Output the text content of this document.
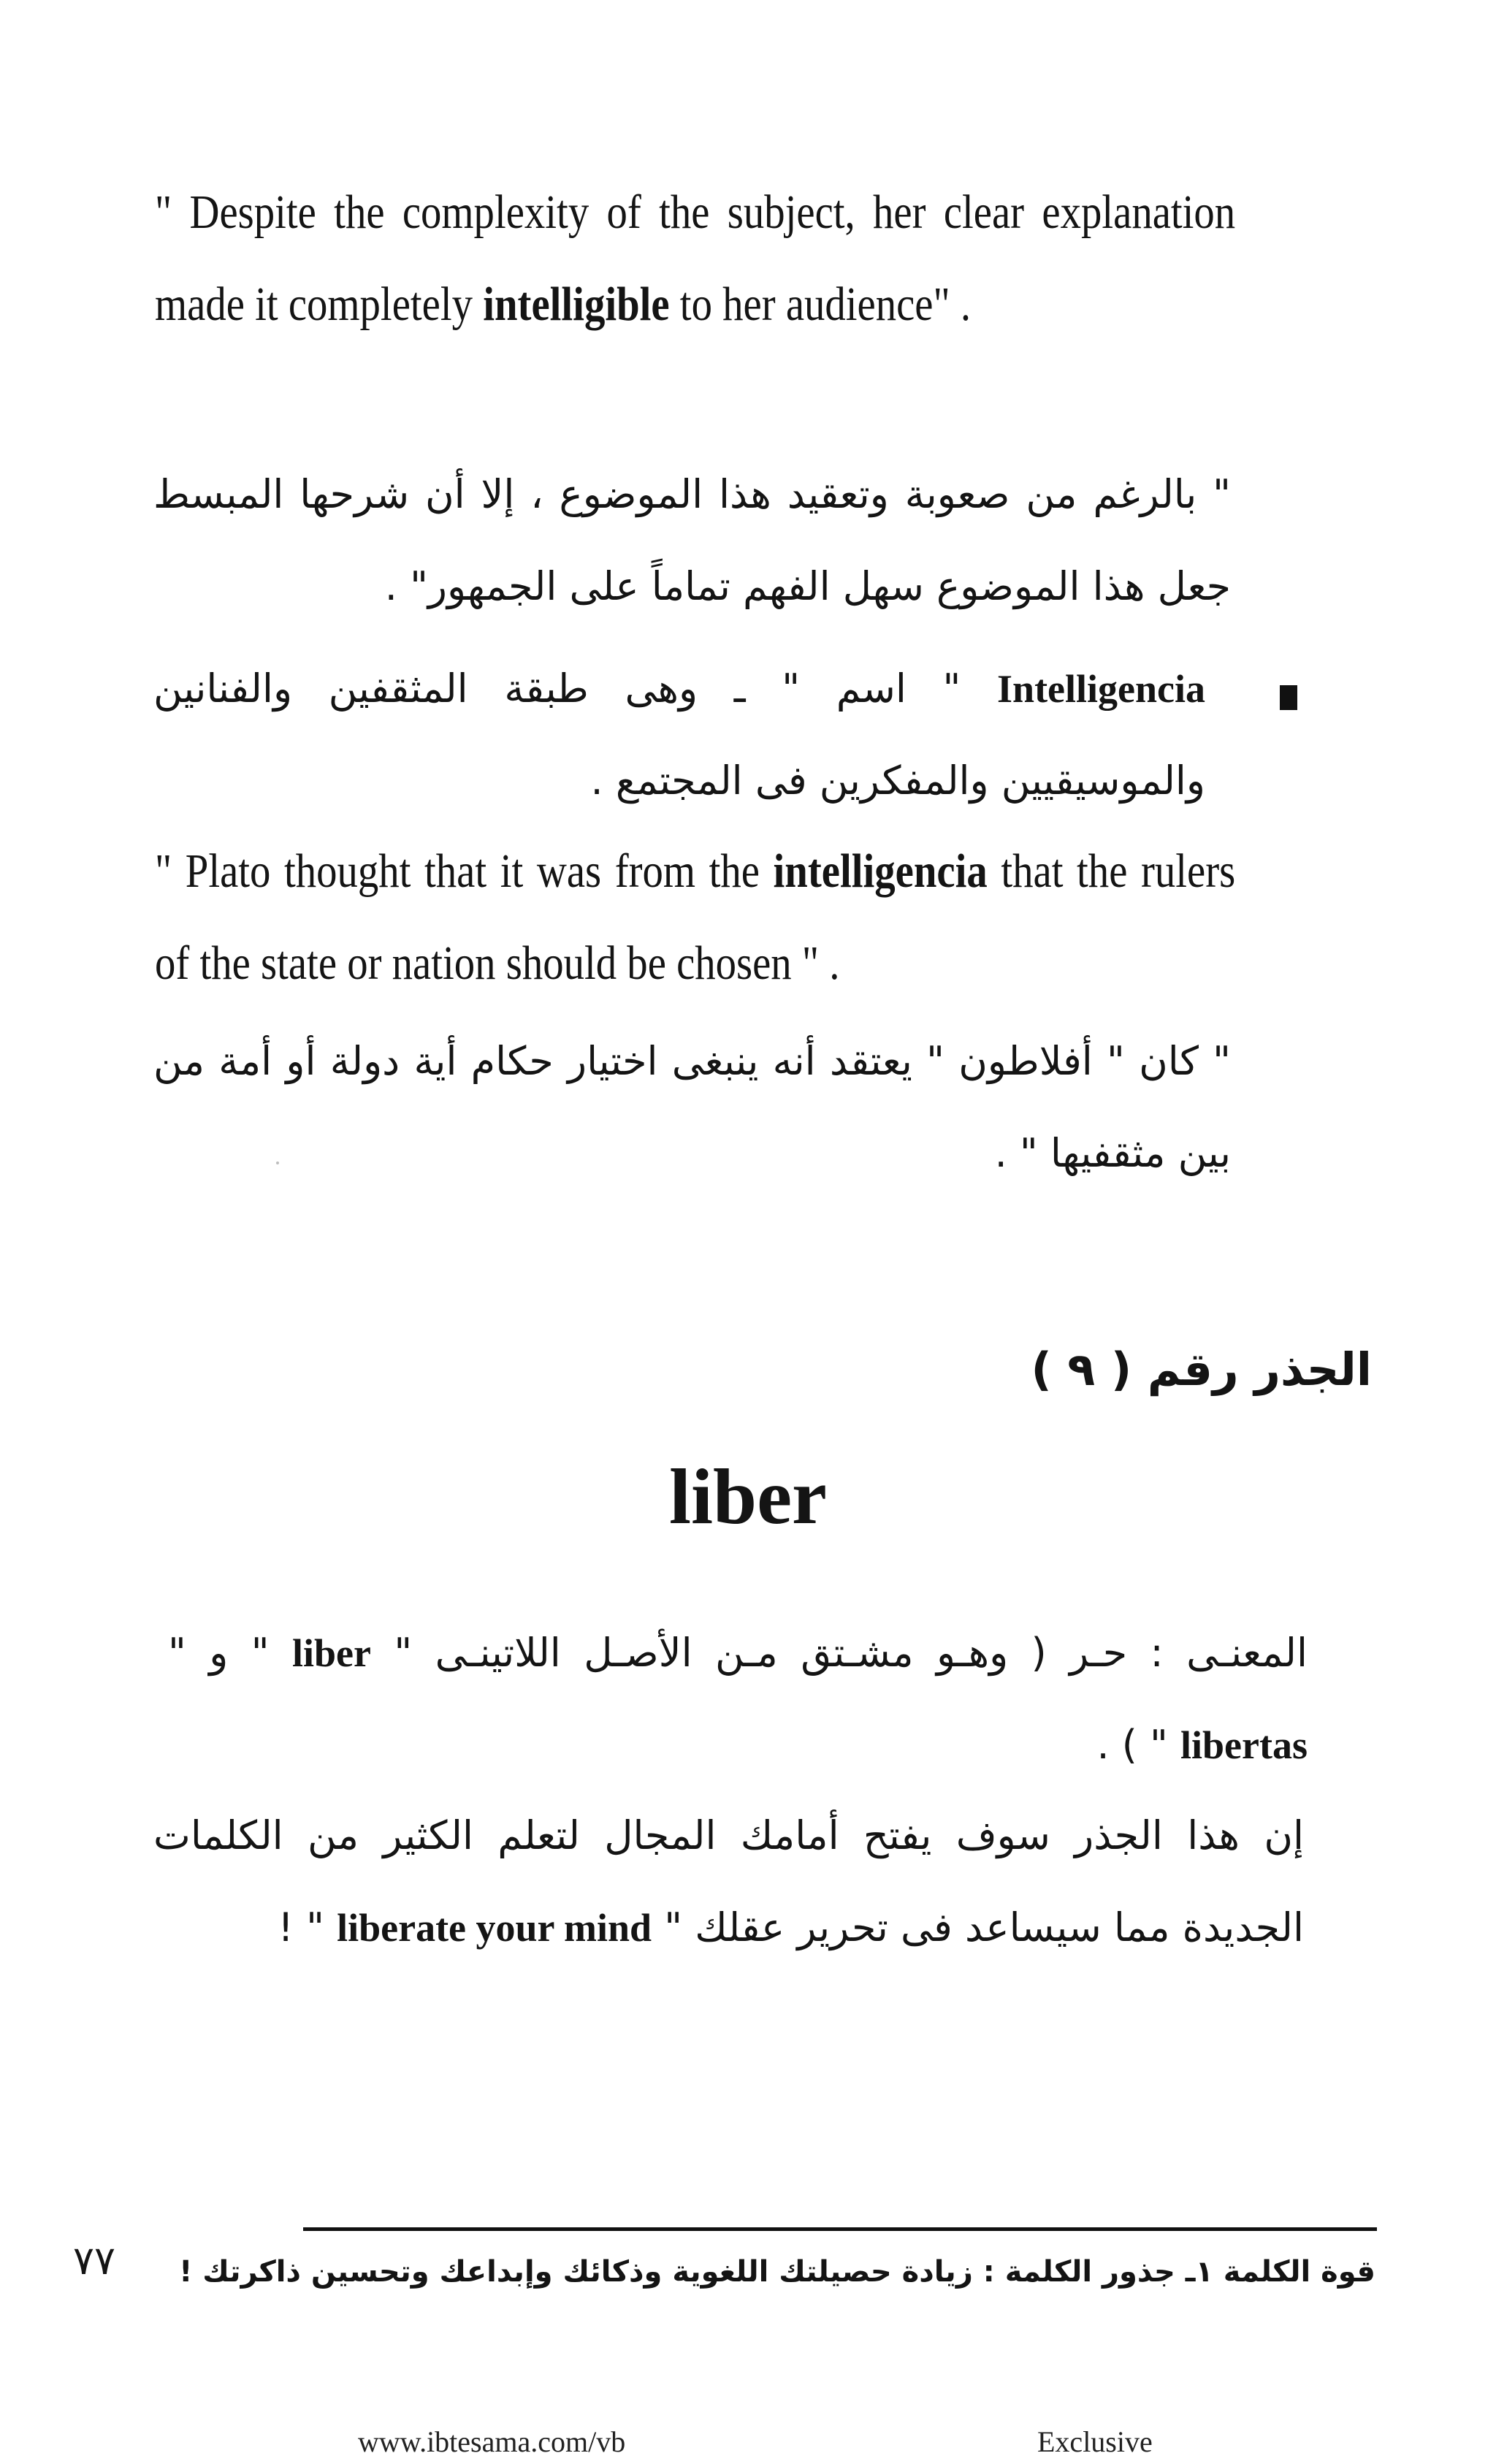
" Despite the complexity of the subject, her clear explanation made it completely intelligible to her audience" .
" بالرغم من صعوبة وتعقيد هذا الموضوع ، إلا أن شرحها المبسط جعل هذا الموضوع سهل الفهم تماماً على الجمهور" .
Intelligencia " اسم " ـ وهى طبقة المثقفين والفنانين والموسيقيين والمفكرين فى المجتمع .
" Plato thought that it was from the intelligencia that the rulers of the state or nation should be chosen " .
" كان " أفلاطون " يعتقد أنه ينبغى اختيار حكام أية دولة أو أمة من بين مثقفيها " .
الجذر رقم ( ٩ )
liber
المعنـى : حـر ( وهـو مشـتق مـن الأصـل اللاتينـى " liber " و " libertas " ) .
إن هذا الجذر سوف يفتح أمامك المجال لتعلم الكثير من الكلمات الجديدة مما سيساعد فى تحرير عقلك " liberate your mind " !
٧٧ قوة الكلمة ١ـ جذور الكلمة : زيادة حصيلتك اللغوية وذكائك وإبداعك وتحسين ذاكرتك !
www.ibtesama.com/vb	Exclusive
